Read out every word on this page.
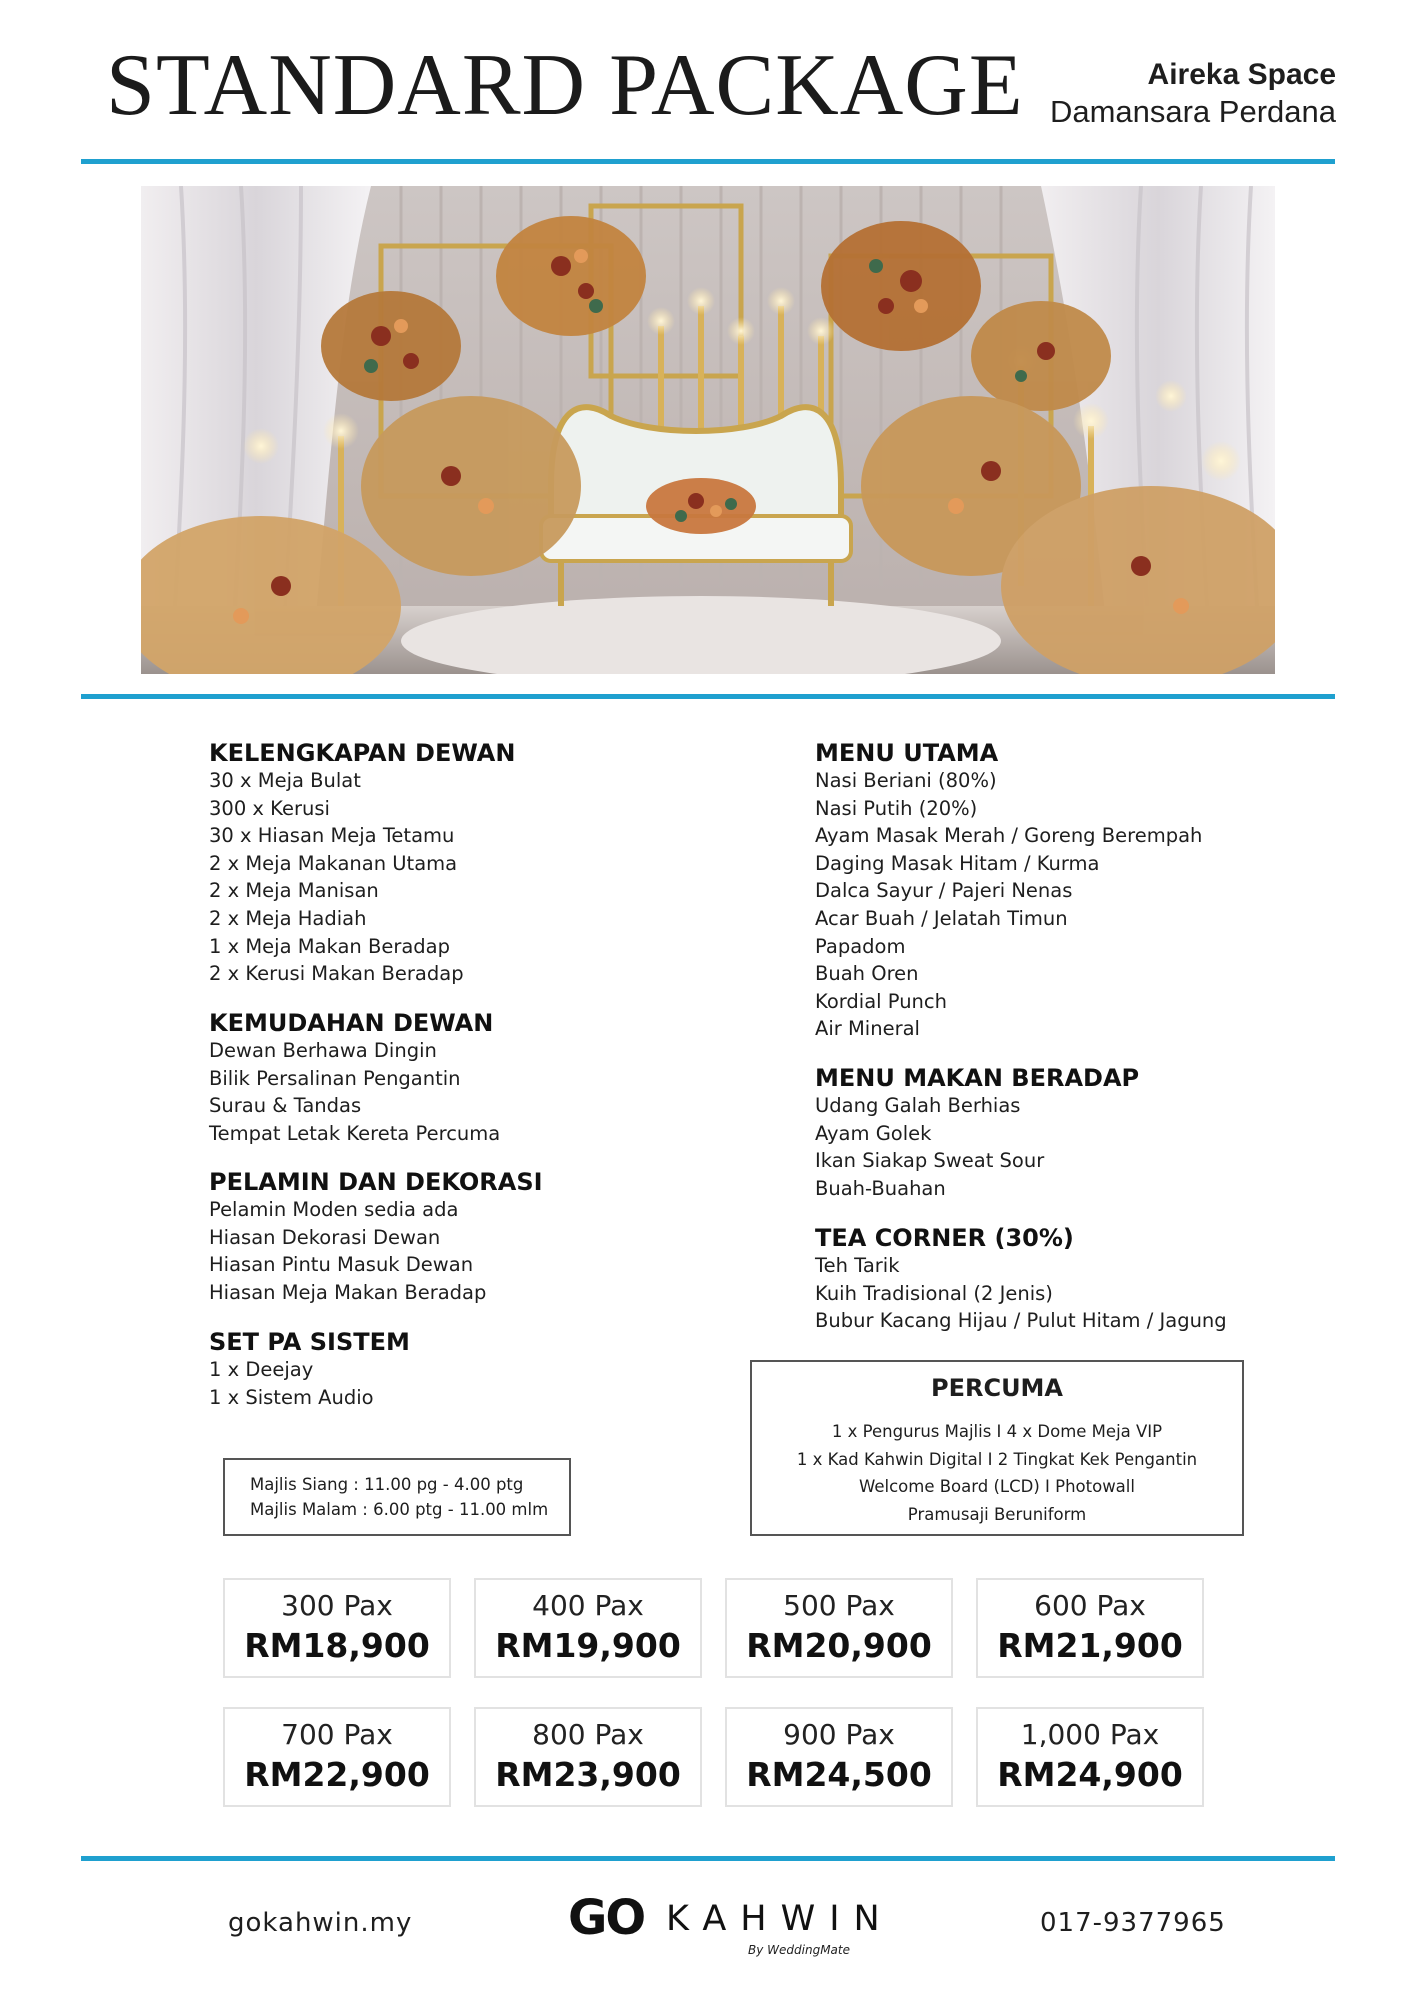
STANDARD PACKAGE	Aireka Space
Damansara Perdana
KELENGKAPAN DEWAN
30 x Meja Bulat
300 x Kerusi
30 x Hiasan Meja Tetamu
2 x Meja Makanan Utama
2 x Meja Manisan
2 x Meja Hadiah
1 x Meja Makan Beradap
2 x Kerusi Makan Beradap
KEMUDAHAN DEWAN
Dewan Berhawa Dingin
Bilik Persalinan Pengantin
Surau & Tandas
Tempat Letak Kereta Percuma
PELAMIN DAN DEKORASI
Pelamin Moden sedia ada
Hiasan Dekorasi Dewan
Hiasan Pintu Masuk Dewan
Hiasan Meja Makan Beradap
SET PA SISTEM
1 x Deejay
1 x Sistem Audio
MENU UTAMA
Nasi Beriani (80%)
Nasi Putih (20%)
Ayam Masak Merah / Goreng Berempah
Daging Masak Hitam / Kurma
Dalca Sayur / Pajeri Nenas
Acar Buah / Jelatah Timun
Papadom
Buah Oren
Kordial Punch
Air Mineral
MENU MAKAN BERADAP
Udang Galah Berhias
Ayam Golek
Ikan Siakap Sweat Sour
Buah-Buahan
TEA CORNER (30%)
Teh Tarik
Kuih Tradisional (2 Jenis)
Bubur Kacang Hijau / Pulut Hitam / Jagung
Majlis Siang : 11.00 pg - 4.00 ptg
Majlis Malam : 6.00 ptg - 11.00 mlm
PERCUMA
1 x Pengurus Majlis I 4 x Dome Meja VIP
1 x Kad Kahwin Digital I 2 Tingkat Kek Pengantin
Welcome Board (LCD) I Photowall
Pramusaji Beruniform
300 Pax
RM18,900
400 Pax
RM19,900
500 Pax
RM20,900
600 Pax
RM21,900
700 Pax
RM22,900
800 Pax
RM23,900
900 Pax
RM24,500
1,000 Pax
RM24,900
gokahwin.my	GO KAHWIN
By WeddingMate
017-9377965
